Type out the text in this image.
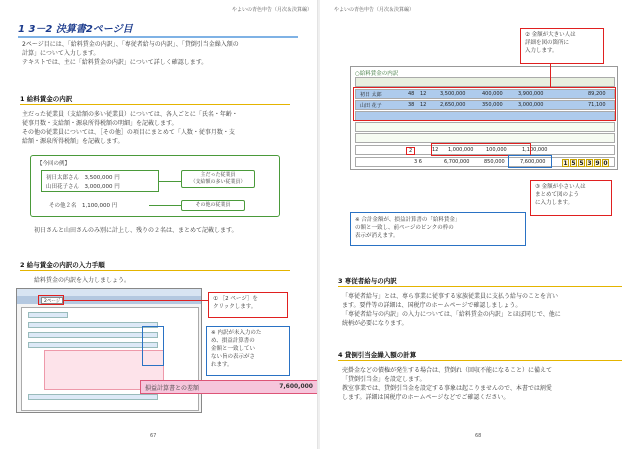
やよいの青色申告（月次＆決算編）
1 3－2 決算書2ページ目
2ページ目には、「給料賃金の内訳」、「専従者給与の内訳」、「貸倒引当金繰入額の
計算」について入力します。
テキストでは、主に「給料賃金の内訳」について詳しく確認します。
1 給料賃金の内訳
主だった従業員（支給額の多い従業員）については、各人ごとに「氏名・年齢・
従事月数・支給額・源泉所得税額の明細」を記載します。
その他の従業員については、［その他］の項目にまとめて「人数・従事月数・支
給額・源泉所得税額」を記載します。
【今回の例】
初日太郎さん　3,500,000 円
山田花子さん　3,000,000 円
その他２名　1,100,000 円
主だった従業員
（支給額の多い従業員）
その他の従業員
初日さんと山田さんのみ別に計上し、残りの２名は、まとめて記載します。
2 給与賃金の内訳の入力手順
給料賃金の内訳を入力しましょう。
2ページ
損益計算書との差額	7,600,000
① ［2 ページ］を
クリックします。
※ 内訳が未入力のた
め、損益計算書の
金額と一致してい
ない旨の表示がさ
れます。
67
やよいの青色申告（月次＆決算編）
② 金額が大きい人は
詳細を図の箇所に
入力します。
○給料賃金の内訳
初日 太郎	48 12	3,500,000	400,000	3,900,000	89,200
山田 花子	38 12	2,650,000	350,000	3,000,000	71,100
2	12 1,000,000	100,000	1,100,000
3 6	6,700,000	850,000	7,600,000	1 5 5 3 9 0
③ 金額が小さい人は
まとめて図のよう
に入力します。
※ 合計金額が、損益計算書の「給料賃金」
の額と一致し、前ページのピンクの枠の
表示が消えます。
3 専従者給与の内訳
「専従者給与」とは、専ら事業に従事する家族従業員に支払う給与のことを言い
ます。要件等の詳細は、国税庁のホームページで確認しましょう。
「専従者給与の内訳」の入力については、「給料賃金の内訳」とほぼ同じで、他に
続柄が必要になります。
4 貸倒引当金繰入額の計算
売掛金などの債権が発生する場合は、貸倒れ（回収不能になること）に備えて
「貸倒引当金」を設定します。
教室事業では、貸倒引当金を設定する事象は起こりませんので、本書では割愛
します。詳細は国税庁のホームページなどでご確認ください。
68
